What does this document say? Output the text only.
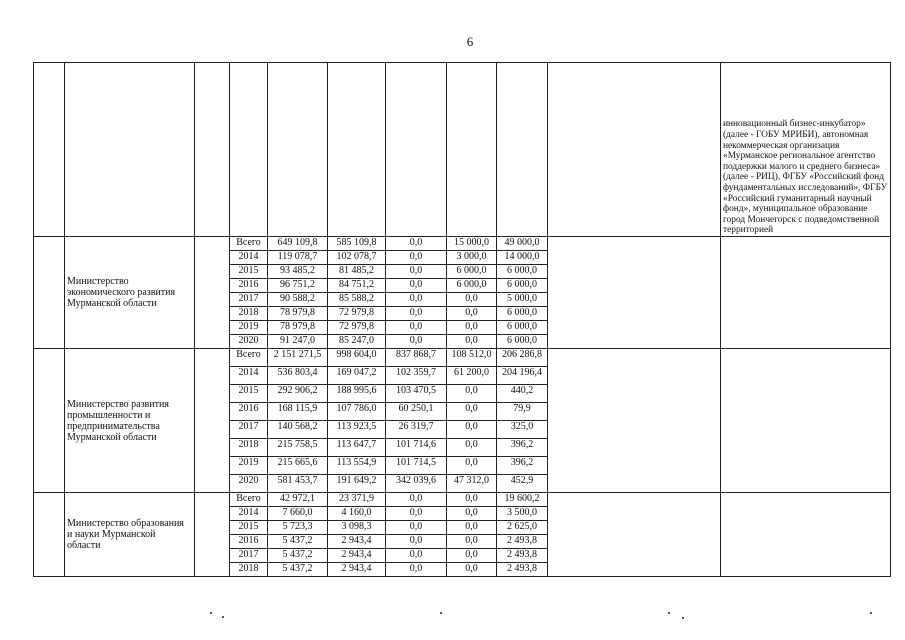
6
										инновационный бизнес-инкубатор» (далее - ГОБУ МРИБИ), автономная некоммерческая организация «Мурманское региональное агентство поддержки малого и среднего бизнеса» (далее - РИЦ), ФГБУ «Российский фонд фундаментальных исследований», ФГБУ «Российский гуманитарный научный фонд», муниципальное образование город Мончегорск с подведомственной территорией
	Министерство экономического развития Мурманской области		Всего	649 109,8	585 109,8	0,0	15 000,0	49 000,0		
			2014	119 078,7	102 078,7	0,0	3 000,0	14 000,0		
			2015	93 485,2	81 485,2	0,0	6 000,0	6 000,0		
			2016	96 751,2	84 751,2	0,0	6 000,0	6 000,0		
			2017	90 588,2	85 588,2	0,0	0,0	5 000,0		
			2018	78 979,8	72 979,8	0,0	0,0	6 000,0		
			2019	78 979,8	72 979,8	0,0	0,0	6 000,0		
			2020	91 247,0	85 247,0	0,0	0,0	6 000,0		
	Министерство развития промышленности и предпринимательства Мурманской области		Всего	2 151 271,5	998 604,0	837 868,7	108 512,0	206 286,8		
			2014	536 803,4	169 047,2	102 359,7	61 200,0	204 196,4		
			2015	292 906,2	188 995,6	103 470,5	0,0	440,2		
			2016	168 115,9	107 786,0	60 250,1	0,0	79,9		
			2017	140 568,2	113 923,5	26 319,7	0,0	325,0		
			2018	215 758,5	113 647,7	101 714,6	0,0	396,2		
			2019	215 665,6	113 554,9	101 714,5	0,0	396,2		
			2020	581 453,7	191 649,2	342 039,6	47 312,0	452,9		
	Министерство образования и науки Мурманской области		Всего	42 972,1	23 371,9	0,0	0,0	19 600,2		
			2014	7 660,0	4 160,0	0,0	0,0	3 500,0		
			2015	5 723,3	3 098,3	0,0	0,0	2 625,0		
			2016	5 437,2	2 943,4	0,0	0,0	2 493,8		
			2017	5 437,2	2 943,4	0,0	0,0	2 493,8		
			2018	5 437,2	2 943,4	0,0	0,0	2 493,8		
